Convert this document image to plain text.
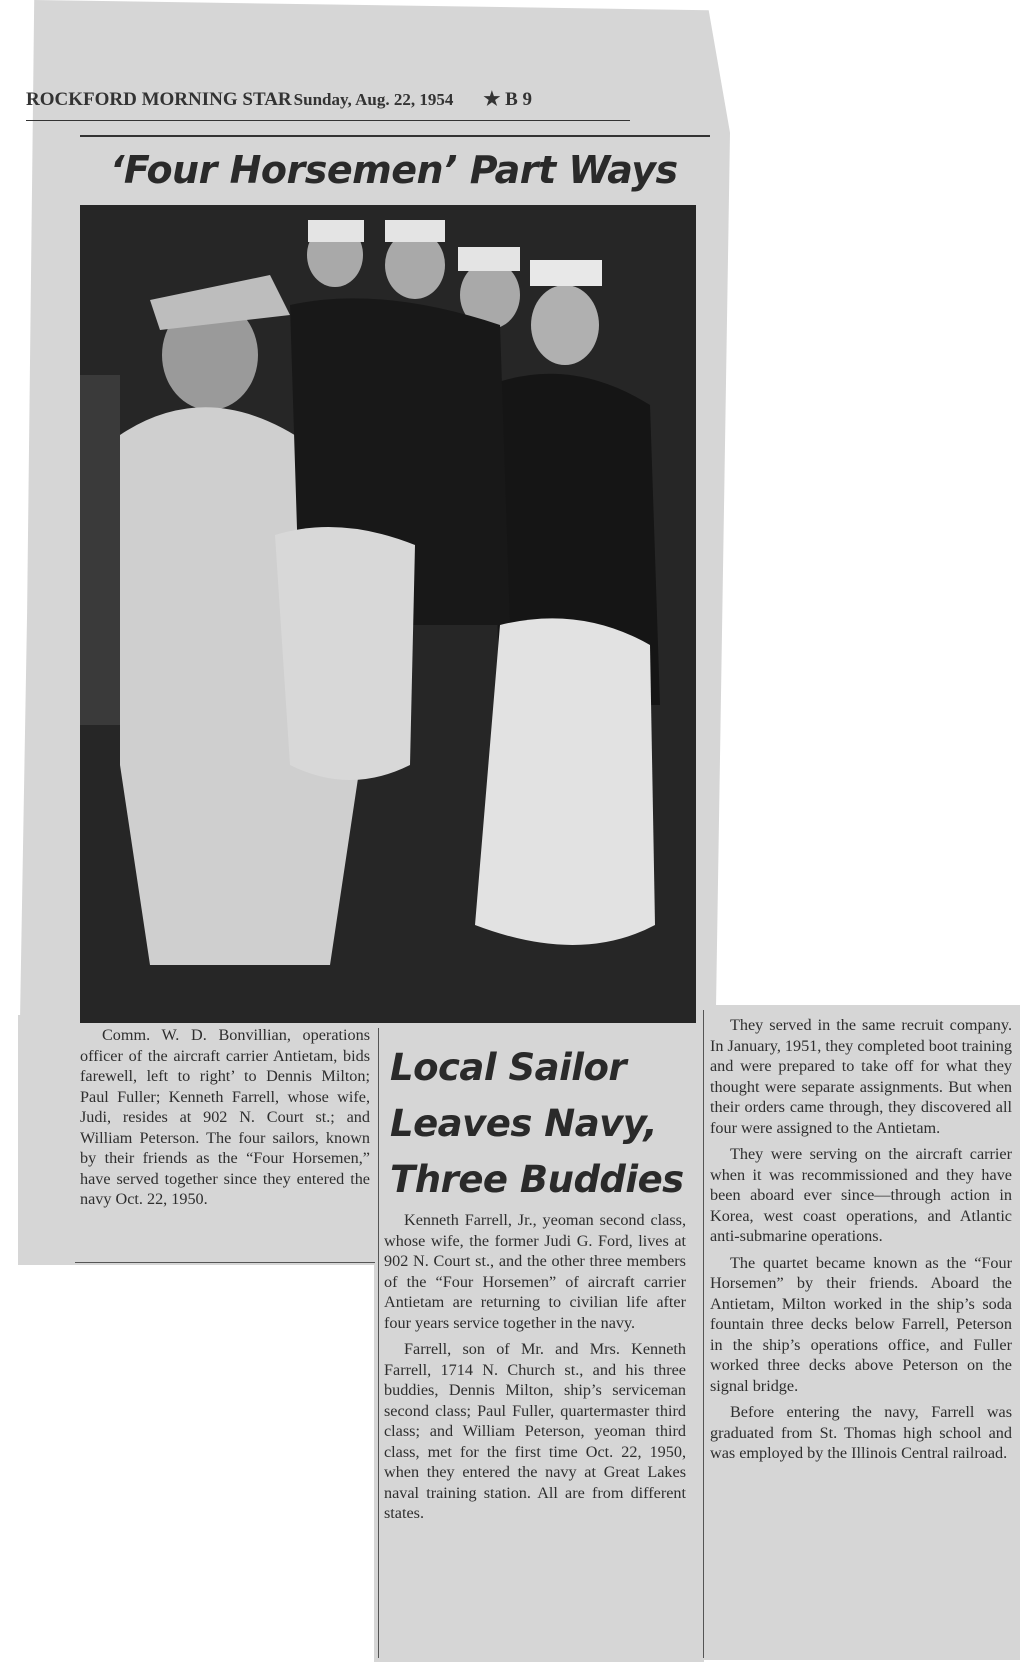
ROCKFORD MORNING STAR Sunday, Aug. 22, 1954 ★ B 9
‘Four Horsemen’ Part Ways
Comm. W. D. Bonvillian, operations officer of the aircraft carrier Antietam, bids farewell, left to right’ to Dennis Milton; Paul Fuller; Kenneth Farrell, whose wife, Judi, resides at 902 N. Court st.; and William Peterson. The four sailors, known by their friends as the “Four Horsemen,” have served together since they entered the navy Oct. 22, 1950.
Local Sailor
Leaves Navy,
Three Buddies

Kenneth Farrell, Jr., yeoman second class, whose wife, the former Judi G. Ford, lives at 902 N. Court st., and the other three members of the “Four Horsemen” of aircraft carrier Antietam are returning to civilian life after four years service together in the navy.

Farrell, son of Mr. and Mrs. Kenneth Farrell, 1714 N. Church st., and his three buddies, Dennis Milton, ship’s serviceman second class; Paul Fuller, quartermaster third class; and William Peterson, yeoman third class, met for the first time Oct. 22, 1950, when they entered the navy at Great Lakes naval training station. All are from different states.

They served in the same recruit company. In January, 1951, they completed boot training and were prepared to take off for what they thought were separate assignments. But when their orders came through, they discovered all four were assigned to the Antietam.

They were serving on the aircraft carrier when it was recommissioned and they have been aboard ever since—through action in Korea, west coast operations, and Atlantic anti-submarine operations.

The quartet became known as the “Four Horsemen” by their friends. Aboard the Antietam, Milton worked in the ship’s soda fountain three decks below Farrell, Peterson in the ship’s operations office, and Fuller worked three decks above Peterson on the signal bridge.

Before entering the navy, Farrell was graduated from St. Thomas high school and was employed by the Illinois Central railroad.
